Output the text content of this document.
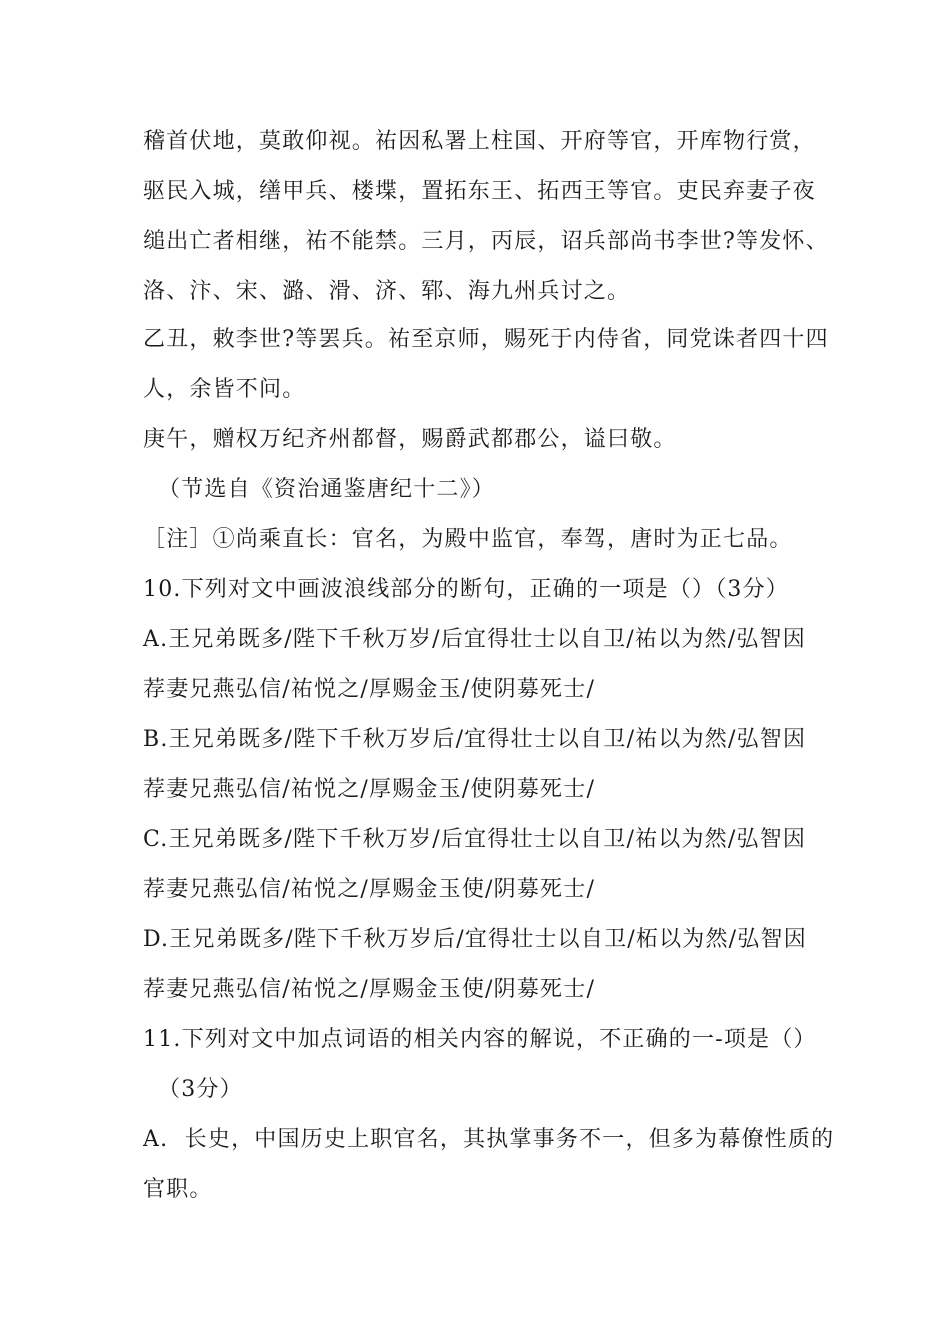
稽首伏地，莫敢仰视。祐因私署上柱国、开府等官，开库物行赏，
驱民入城，缮甲兵、楼堞，置拓东王、拓西王等官。吏民弃妻子夜
缒出亡者相继，祐不能禁。三月，丙辰，诏兵部尚书李世?等发怀、
洛、汴、宋、潞、滑、济、郓、海九州兵讨之。
乙丑，敕李世?等罢兵。祐至京师，赐死于内侍省，同党诛者四十四
人，余皆不问。
庚午，赠权万纪齐州都督，赐爵武都郡公，谥曰敬。
（节选自《资治通鉴唐纪十二》）
［注］①尚乘直长：官名，为殿中监官，奉驾，唐时为正七品。
10.下列对文中画波浪线部分的断句，正确的一项是（）（3分）
A.王兄弟既多/陛下千秋万岁/后宜得壮士以自卫/祐以为然/弘智因
荐妻兄燕弘信/祐悦之/厚赐金玉/使阴募死士/
B.王兄弟既多/陛下千秋万岁后/宜得壮士以自卫/祐以为然/弘智因
荐妻兄燕弘信/祐悦之/厚赐金玉/使阴募死士/
C.王兄弟既多/陛下千秋万岁/后宜得壮士以自卫/祐以为然/弘智因
荐妻兄燕弘信/祐悦之/厚赐金玉使/阴募死士/
D.王兄弟既多/陛下千秋万岁后/宜得壮士以自卫/柘以为然/弘智因
荐妻兄燕弘信/祐悦之/厚赐金玉使/阴募死士/
11.下列对文中加点词语的相关内容的解说，不正确的一-项是（）
（3分）
A.  长史，中国历史上职官名，其执掌事务不一，但多为幕僚性质的
官职。
